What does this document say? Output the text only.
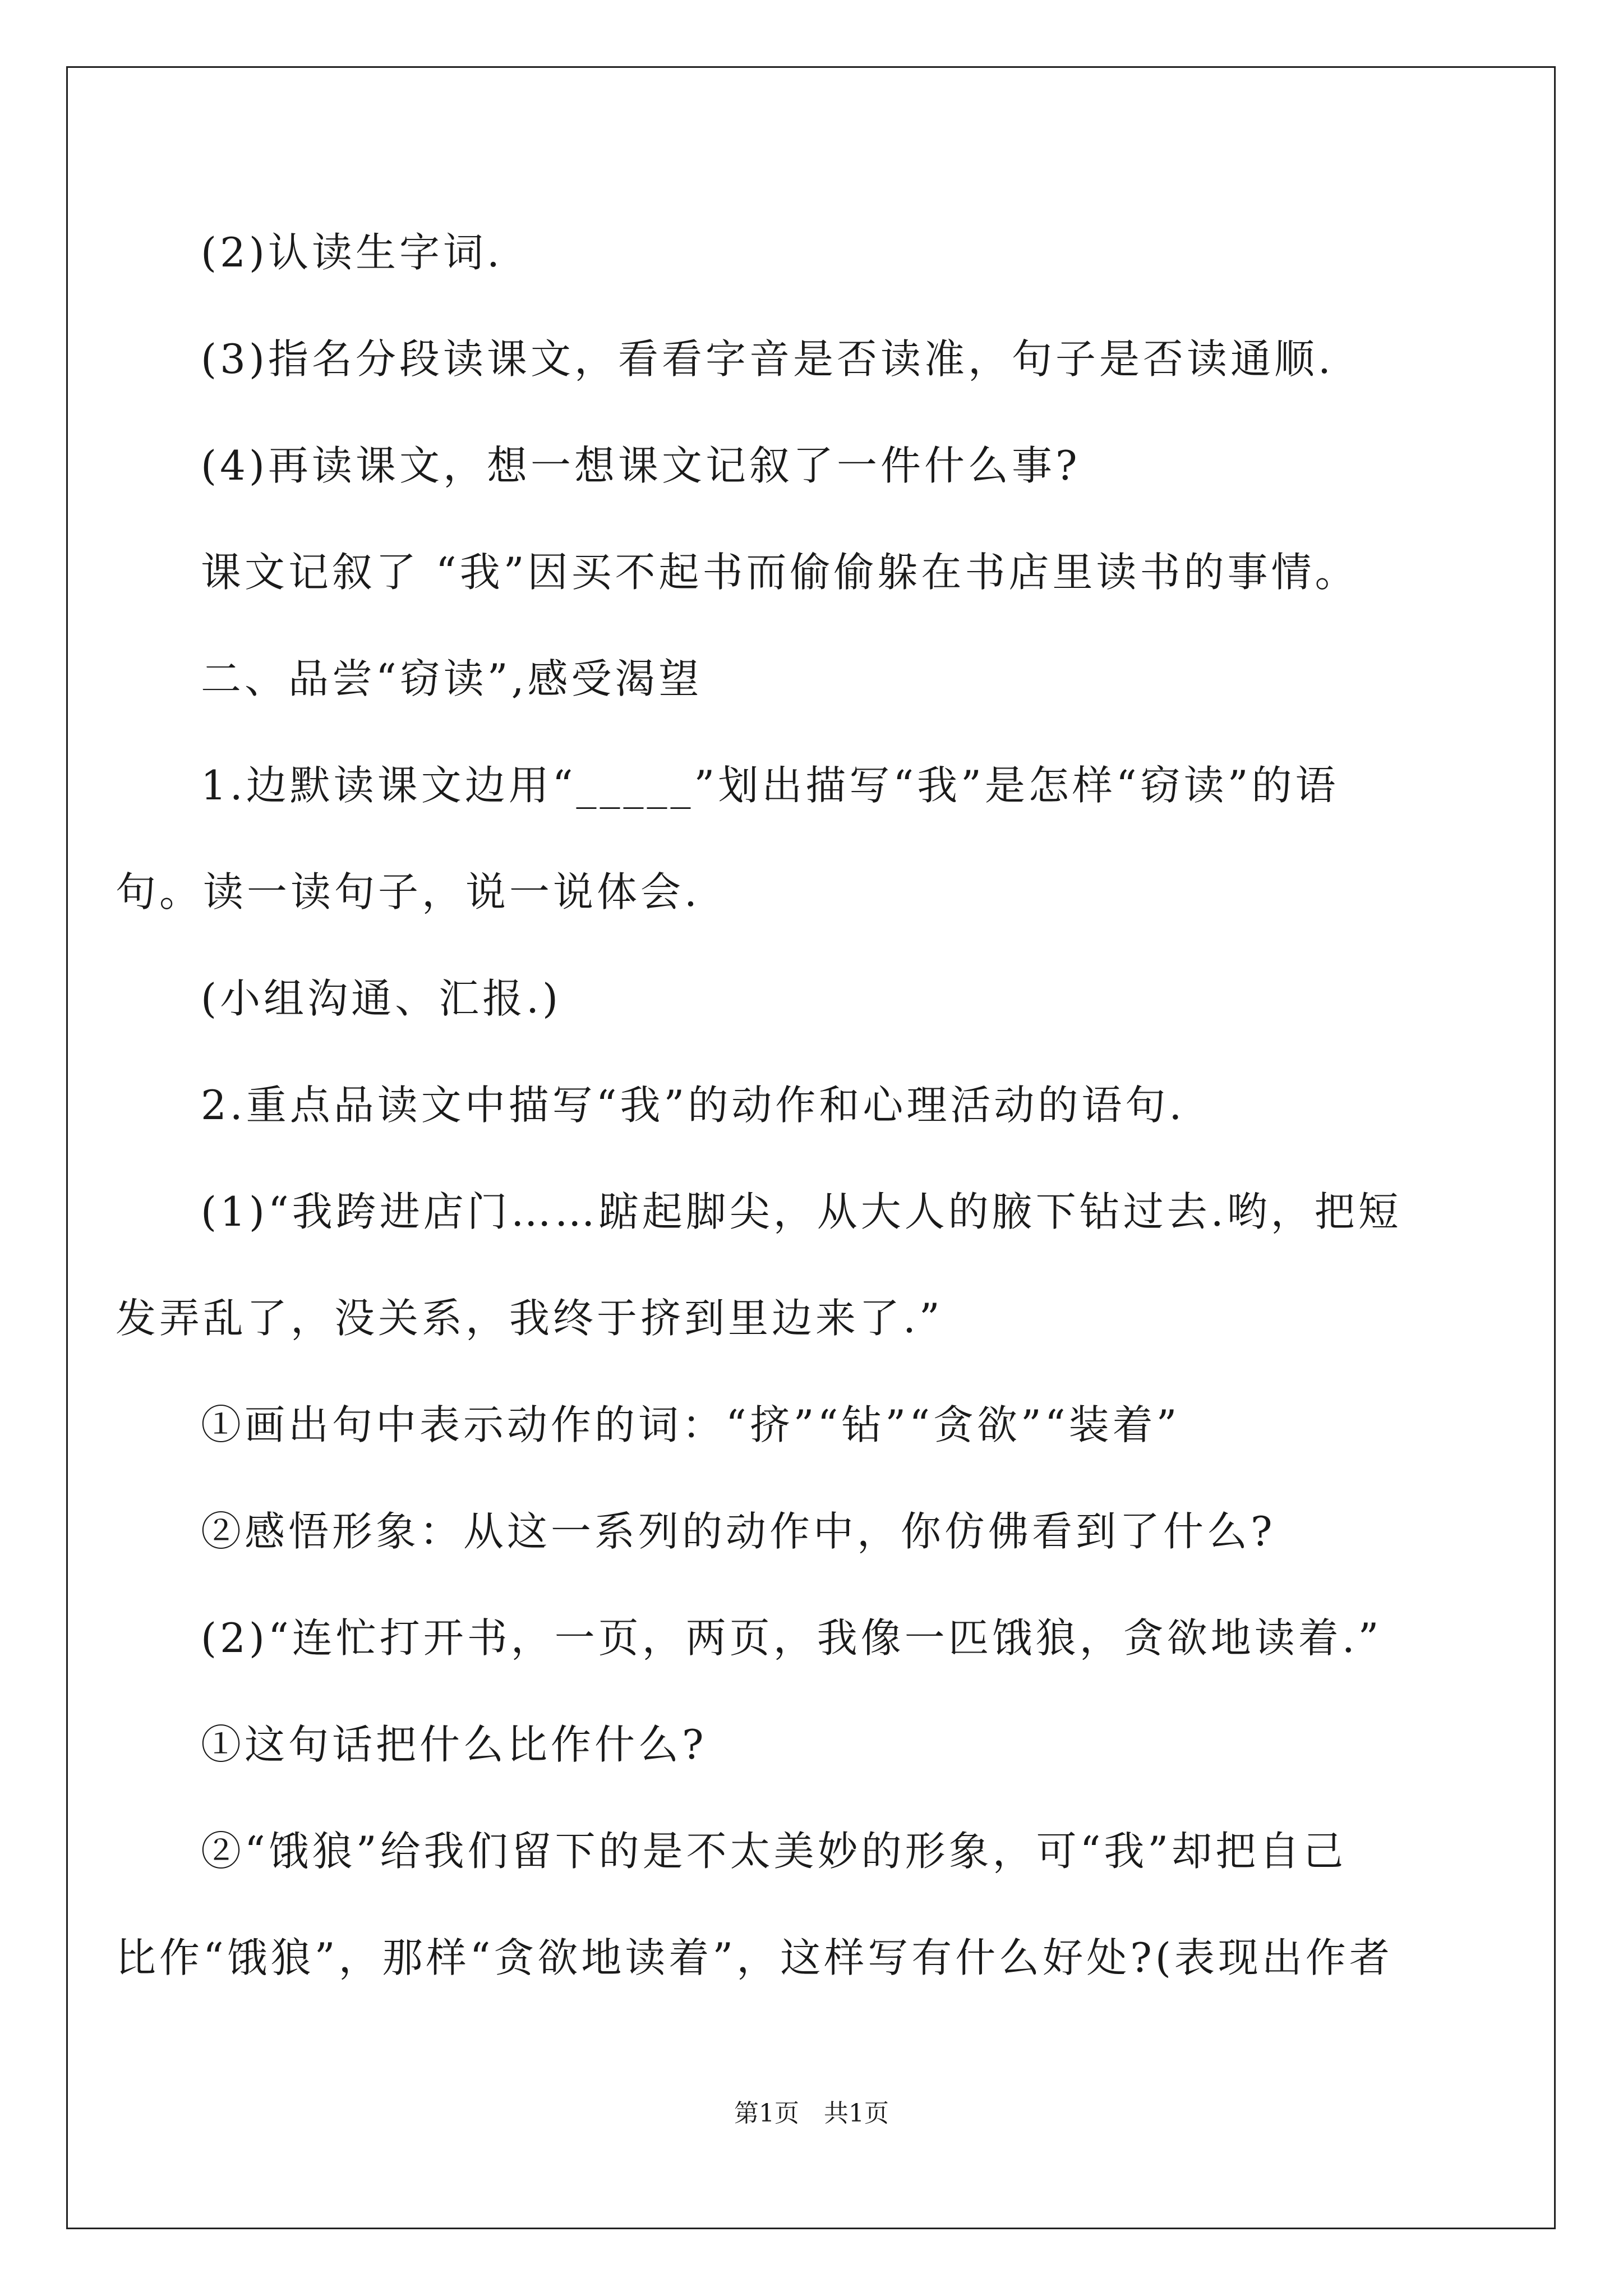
(2)认读生字词.
(3)指名分段读课文，看看字音是否读准，句子是否读通顺.
(4)再读课文，想一想课文记叙了一件什么事?
课文记叙了 “我”因买不起书而偷偷躲在书店里读书的事情。
二、品尝“窃读”,感受渴望
1.边默读课文边用“_____”划出描写“我”是怎样“窃读”的语
句。读一读句子，说一说体会.
(小组沟通、汇报.)
2.重点品读文中描写“我”的动作和心理活动的语句.
(1)“我跨进店门……踮起脚尖，从大人的腋下钻过去.哟，把短
发弄乱了，没关系，我终于挤到里边来了.”
①画出句中表示动作的词：“挤”“钻”“贪欲”“装着”
②感悟形象：从这一系列的动作中，你仿佛看到了什么?
(2)“连忙打开书，一页，两页，我像一匹饿狼，贪欲地读着.”
①这句话把什么比作什么?
②“饿狼”给我们留下的是不太美妙的形象，可“我”却把自己
比作“饿狼”，那样“贪欲地读着”，这样写有什么好处?(表现出作者
第1页　共1页
